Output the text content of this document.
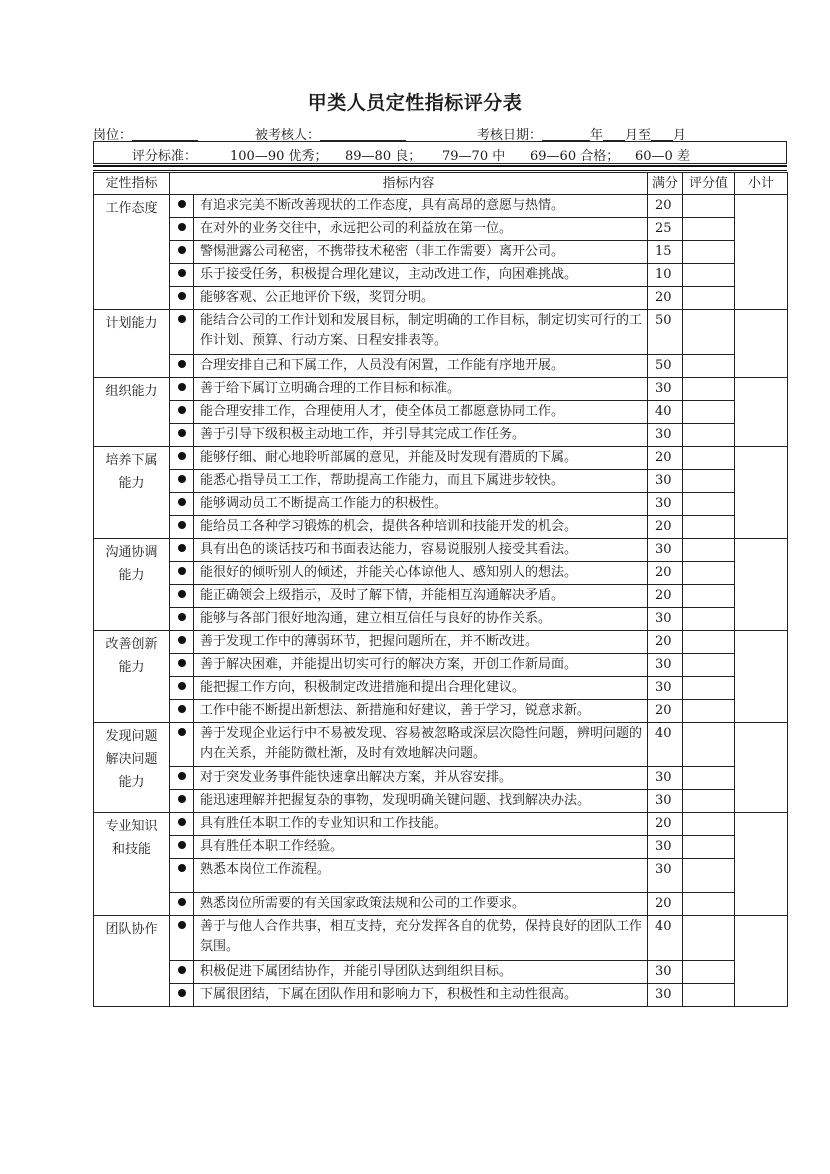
甲类人员定性指标评分表
岗位：	被考核人：	考核日期：	年 月至 月
评分标准：	100—90 优秀； 89—80 良； 79—70 中 69—60 合格； 60—0 差
定性指标	指标内容		满分	评分值	小计
工作态度		有追求完美不断改善现状的工作态度，具有高昂的意愿与热情。	20		
		在对外的业务交往中，永远把公司的利益放在第一位。	25		
		警惕泄露公司秘密，不携带技术秘密（非工作需要）离开公司。	15		
		乐于接受任务，积极提合理化建议，主动改进工作，向困难挑战。	10		
		能够客观、公正地评价下级，奖罚分明。	20		
计划能力		能结合公司的工作计划和发展目标，制定明确的工作目标，制定切实可行的工作计划、预算、行动方案、日程安排表等。	50		
		合理安排自己和下属工作，人员没有闲置，工作能有序地开展。	50		
组织能力		善于给下属订立明确合理的工作目标和标准。	30		
		能合理安排工作，合理使用人才，使全体员工都愿意协同工作。	40		
		善于引导下级积极主动地工作，并引导其完成工作任务。	30		
培养下属
能力		能够仔细、耐心地聆听部属的意见，并能及时发现有潜质的下属。	20		
		能悉心指导员工工作，帮助提高工作能力，而且下属进步较快。	30		
		能够调动员工不断提高工作能力的积极性。	30		
		能给员工各种学习锻炼的机会，提供各种培训和技能开发的机会。	20		
沟通协调
能力		具有出色的谈话技巧和书面表达能力，容易说服别人接受其看法。	30		
		能很好的倾听别人的倾述，并能关心体谅他人、感知别人的想法。	20		
		能正确领会上级指示，及时了解下情，并能相互沟通解决矛盾。	20		
		能够与各部门很好地沟通，建立相互信任与良好的协作关系。	30		
改善创新
能力		善于发现工作中的薄弱环节，把握问题所在，并不断改进。	20		
		善于解决困难，并能提出切实可行的解决方案，开创工作新局面。	30		
		能把握工作方向，积极制定改进措施和提出合理化建议。	30		
		工作中能不断提出新想法、新措施和好建议，善于学习，锐意求新。	20		
发现问题
解决问题
能力		善于发现企业运行中不易被发现、容易被忽略或深层次隐性问题，辨明问题的内在关系，并能防微杜渐，及时有效地解决问题。	40		
		对于突发业务事件能快速拿出解决方案，并从容安排。	30		
		能迅速理解并把握复杂的事物，发现明确关键问题、找到解决办法。	30		
专业知识
和技能		具有胜任本职工作的专业知识和工作技能。	20		
		具有胜任本职工作经验。	30		
		熟悉本岗位工作流程。	30		
		熟悉岗位所需要的有关国家政策法规和公司的工作要求。	20		
团队协作		善于与他人合作共事，相互支持，充分发挥各自的优势，保持良好的团队工作氛围。	40		
		积极促进下属团结协作，并能引导团队达到组织目标。	30		
		下属很团结，下属在团队作用和影响力下，积极性和主动性很高。	30		
